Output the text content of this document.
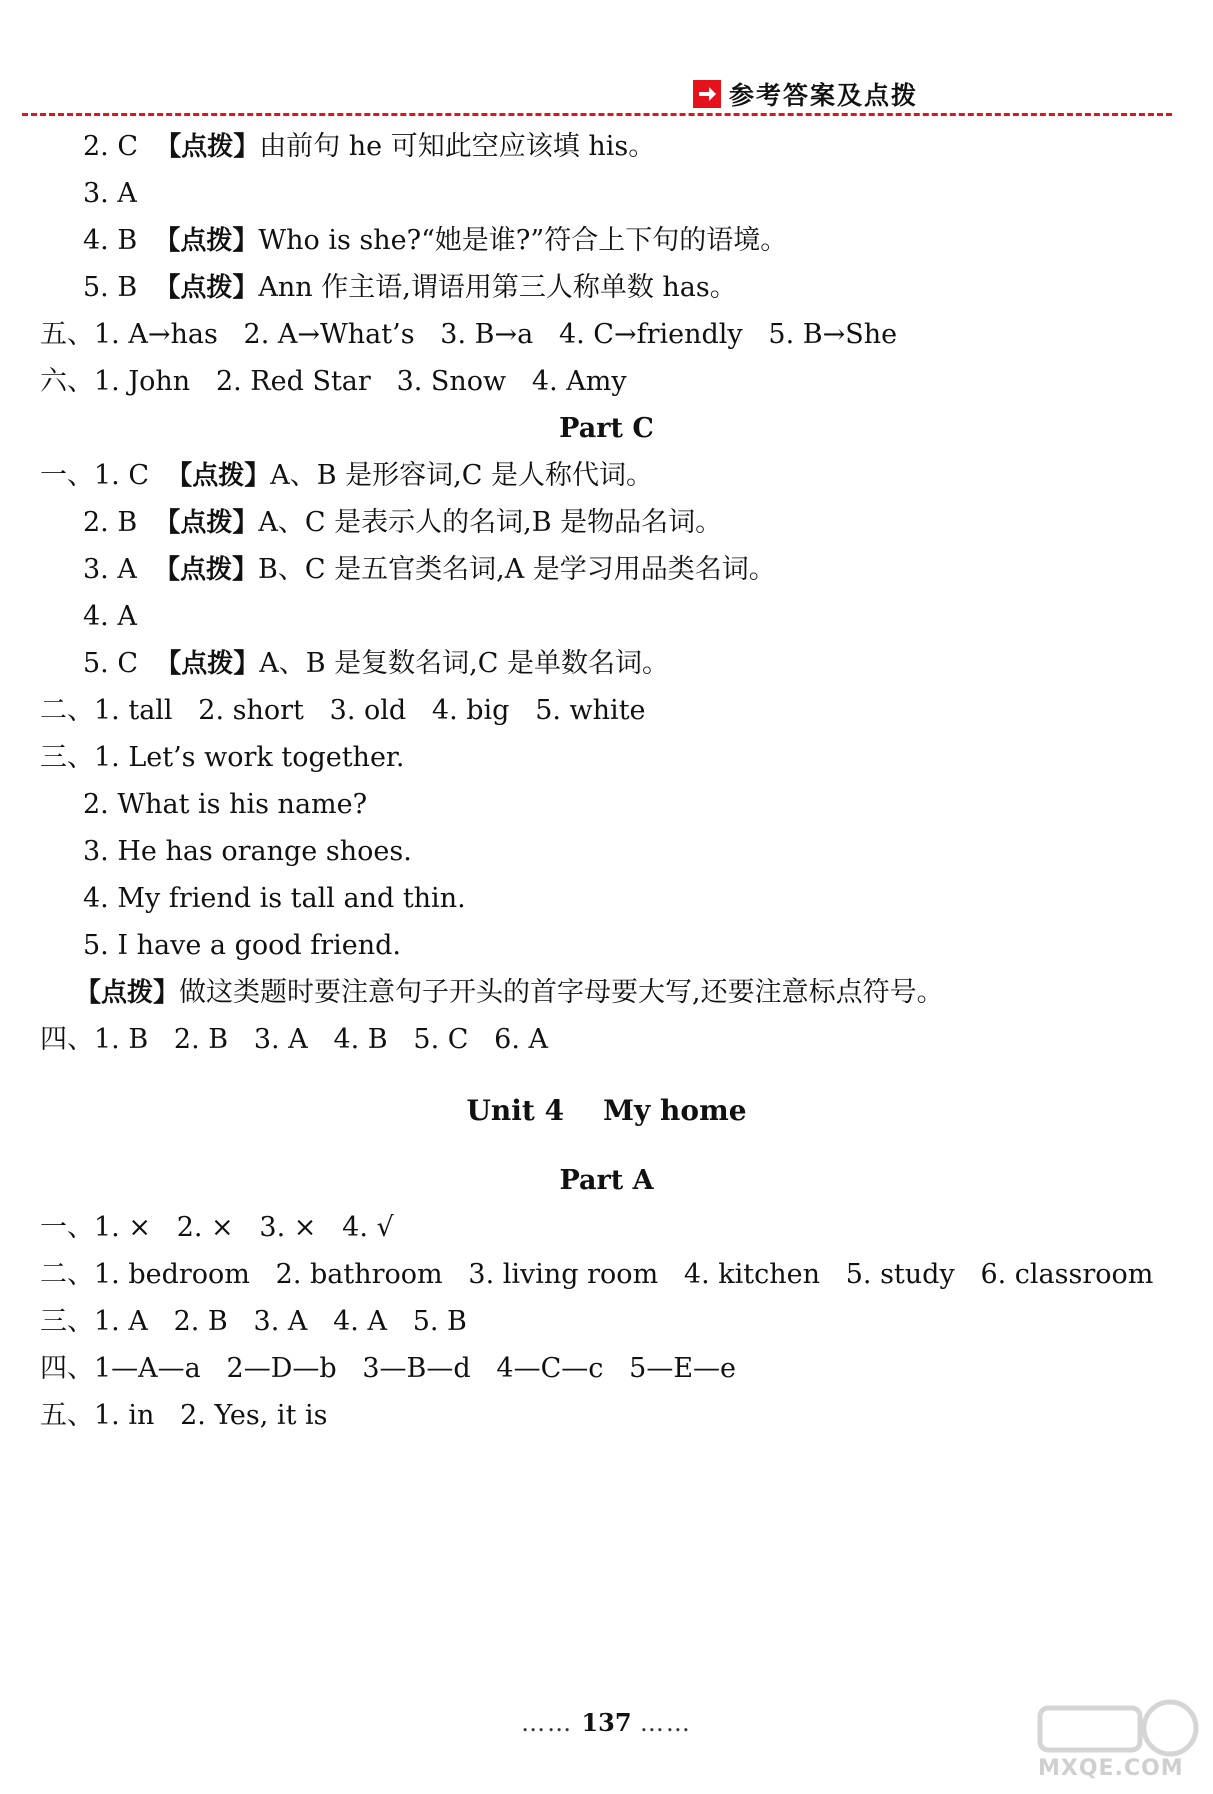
参考答案及点拨
2. C 【点拨】由前句 he 可知此空应该填 his。
3. A
4. B 【点拨】Who is she?“她是谁?”符合上下句的语境。
5. B 【点拨】Ann 作主语,谓语用第三人称单数 has。
五、1. A→has   2. A→What’s   3. B→a   4. C→friendly   5. B→She
六、1. John   2. Red Star   3. Snow   4. Amy
Part C
一、1. C 【点拨】A、B 是形容词,C 是人称代词。
2. B 【点拨】A、C 是表示人的名词,B 是物品名词。
3. A 【点拨】B、C 是五官类名词,A 是学习用品类名词。
4. A
5. C 【点拨】A、B 是复数名词,C 是单数名词。
二、1. tall   2. short   3. old   4. big   5. white
三、1. Let’s work together.
2. What is his name?
3. He has orange shoes.
4. My friend is tall and thin.
5. I have a good friend.
【点拨】做这类题时要注意句子开头的首字母要大写,还要注意标点符号。
四、1. B   2. B   3. A   4. B   5. C   6. A
Unit 4    My home
Part A
一、1. ×   2. ×   3. ×   4. √
二、1. bedroom   2. bathroom   3. living room   4. kitchen   5. study   6. classroom
三、1. A   2. B   3. A   4. A   5. B
四、1—A—a   2—D—b   3—B—d   4—C—c   5—E—e
五、1. in   2. Yes, it is
…… 137 ……
MXQE.COM
